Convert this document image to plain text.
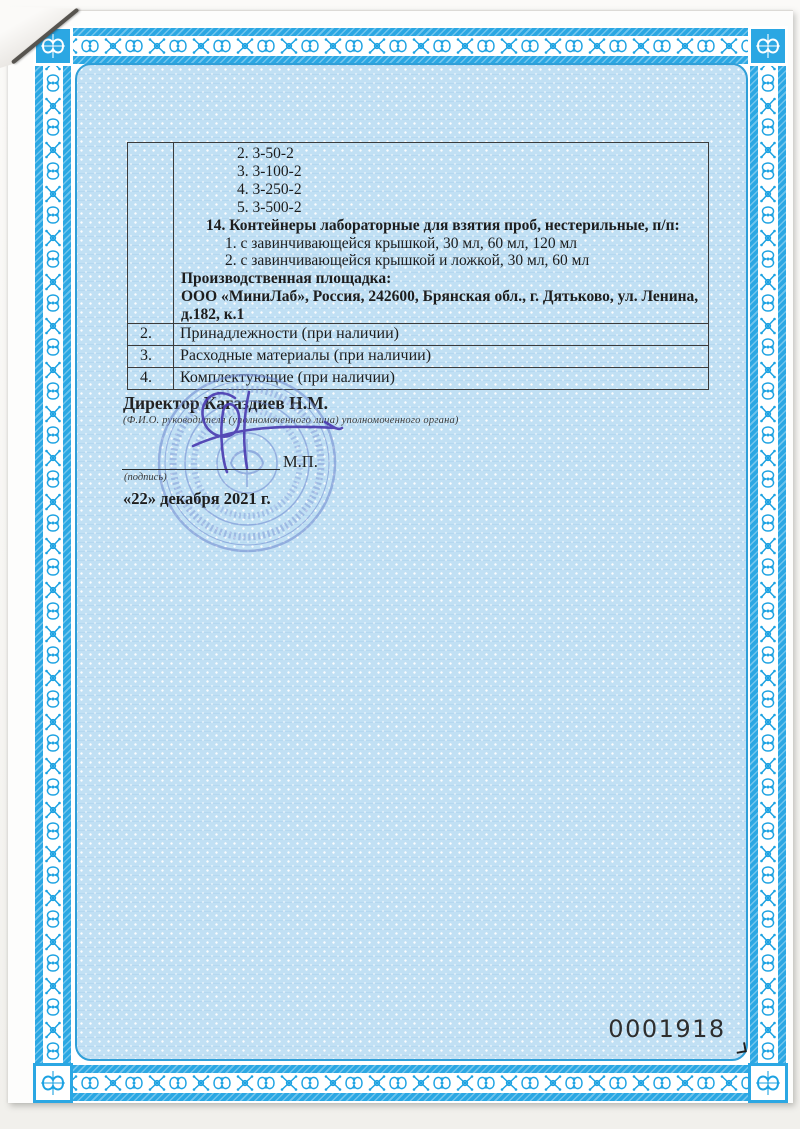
2. 3-50-2
3. 3-100-2
4. 3-250-2
5. 3-500-2
14. Контейнеры лабораторные для взятия проб, нестерильные, п/п:
1. с завинчивающейся крышкой, 30 мл, 60 мл, 120 мл
2. с завинчивающейся крышкой и ложкой, 30 мл, 60 мл
Производственная площадка:
ООО «МиниЛаб», Россия, 242600, Брянская обл., г. Дятьково, ул. Ленина,
д.182, к.1
2.	Принадлежности (при наличии)
3.	Расходные материалы (при наличии)
4.	Комплектующие (при наличии)
Директор Кагаздиев Н.М.
(Ф.И.О. руководителя (уполномоченного лица) уполномоченного органа)
(подпись)
М.П.
«22» декабря 2021 г.
0001918
